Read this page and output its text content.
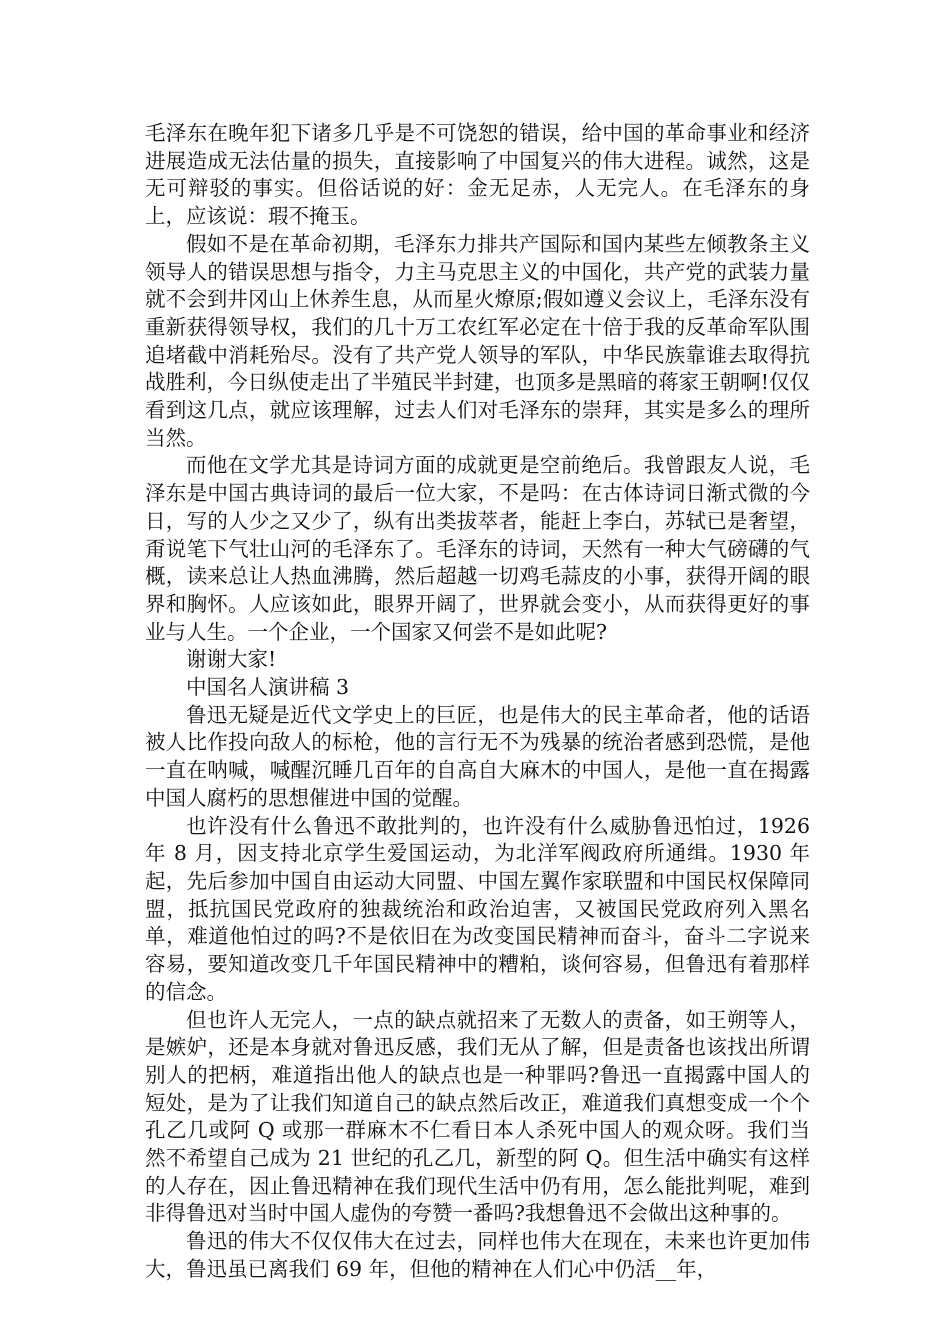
毛泽东在晚年犯下诸多几乎是不可饶恕的错误，给中国的革命事业和经济进展造成无法估量的损失，直接影响了中国复兴的伟大进程。诚然，这是无可辩驳的事实。但俗话说的好：金无足赤，人无完人。在毛泽东的身上，应该说：瑕不掩玉。

假如不是在革命初期，毛泽东力排共产国际和国内某些左倾教条主义领导人的错误思想与指令，力主马克思主义的中国化，共产党的武装力量就不会到井冈山上休养生息，从而星火燎原;假如遵义会议上，毛泽东没有重新获得领导权，我们的几十万工农红军必定在十倍于我的反革命军队围追堵截中消耗殆尽。没有了共产党人领导的军队，中华民族靠谁去取得抗战胜利，今日纵使走出了半殖民半封建，也顶多是黑暗的蒋家王朝啊!仅仅看到这几点，就应该理解，过去人们对毛泽东的崇拜，其实是多么的理所当然。

而他在文学尤其是诗词方面的成就更是空前绝后。我曾跟友人说，毛泽东是中国古典诗词的最后一位大家，不是吗：在古体诗词日渐式微的今日，写的人少之又少了，纵有出类拔萃者，能赶上李白，苏轼已是奢望，甭说笔下气壮山河的毛泽东了。毛泽东的诗词，天然有一种大气磅礴的气概，读来总让人热血沸腾，然后超越一切鸡毛蒜皮的小事，获得开阔的眼界和胸怀。人应该如此，眼界开阔了，世界就会变小，从而获得更好的事业与人生。一个企业，一个国家又何尝不是如此呢?

谢谢大家!

中国名人演讲稿 3

鲁迅无疑是近代文学史上的巨匠，也是伟大的民主革命者，他的话语被人比作投向敌人的标枪，他的言行无不为残暴的统治者感到恐慌，是他一直在呐喊，喊醒沉睡几百年的自高自大麻木的中国人，是他一直在揭露中国人腐朽的思想催进中国的觉醒。

也许没有什么鲁迅不敢批判的，也许没有什么威胁鲁迅怕过，1926 年 8 月，因支持北京学生爱国运动，为北洋军阀政府所通缉。1930 年起，先后参加中国自由运动大同盟、中国左翼作家联盟和中国民权保障同盟，抵抗国民党政府的独裁统治和政治迫害，又被国民党政府列入黑名单，难道他怕过的吗?不是依旧在为改变国民精神而奋斗，奋斗二字说来容易，要知道改变几千年国民精神中的糟粕，谈何容易，但鲁迅有着那样的信念。

但也许人无完人，一点的缺点就招来了无数人的责备，如王朔等人，是嫉妒，还是本身就对鲁迅反感，我们无从了解，但是责备也该找出所谓别人的把柄，难道指出他人的缺点也是一种罪吗?鲁迅一直揭露中国人的短处，是为了让我们知道自己的缺点然后改正，难道我们真想变成一个个孔乙几或阿 Q 或那一群麻木不仁看日本人杀死中国人的观众呀。我们当然不希望自己成为 21 世纪的孔乙几，新型的阿 Q。但生活中确实有这样的人存在，因止鲁迅精神在我们现代生活中仍有用，怎么能批判呢，难到非得鲁迅对当时中国人虚伪的夸赞一番吗?我想鲁迅不会做出这种事的。

鲁迅的伟大不仅仅伟大在过去，同样也伟大在现在，未来也许更加伟大，鲁迅虽已离我们 69 年，但他的精神在人们心中仍活__年，
